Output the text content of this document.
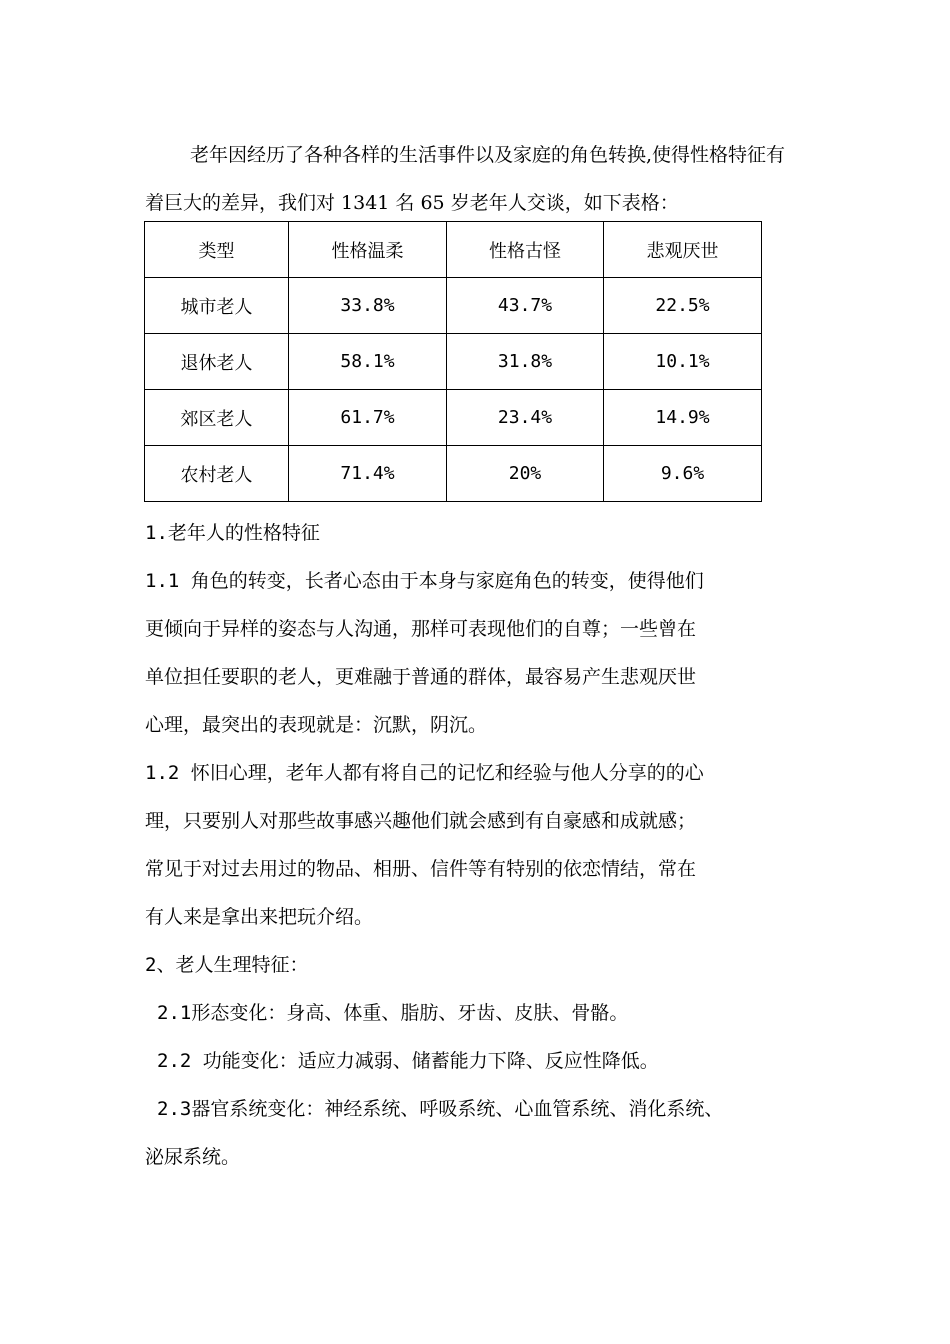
老年因经历了各种各样的生活事件以及家庭的角色转换,使得性格特征有
着巨大的差异，我们对 1341 名 65 岁老年人交谈，如下表格：
类型	性格温柔	性格古怪	悲观厌世
城市老人	33.8%	43.7%	22.5%
退休老人	58.1%	31.8%	10.1%
郊区老人	61.7%	23.4%	14.9%
农村老人	71.4%	20%	9.6%
1.老年人的性格特征
1.1 角色的转变，长者心态由于本身与家庭角色的转变，使得他们
更倾向于异样的姿态与人沟通，那样可表现他们的自尊；一些曾在
单位担任要职的老人，更难融于普通的群体，最容易产生悲观厌世
心理，最突出的表现就是：沉默，阴沉。
1.2 怀旧心理，老年人都有将自己的记忆和经验与他人分享的的心
理，只要别人对那些故事感兴趣他们就会感到有自豪感和成就感；
常见于对过去用过的物品、相册、信件等有特别的依恋情结，常在
有人来是拿出来把玩介绍。
2、老人生理特征：
2.1形态变化：身高、体重、脂肪、牙齿、皮肤、骨骼。
2.2 功能变化：适应力减弱、储蓄能力下降、反应性降低。
2.3器官系统变化：神经系统、呼吸系统、心血管系统、消化系统、
泌尿系统。
